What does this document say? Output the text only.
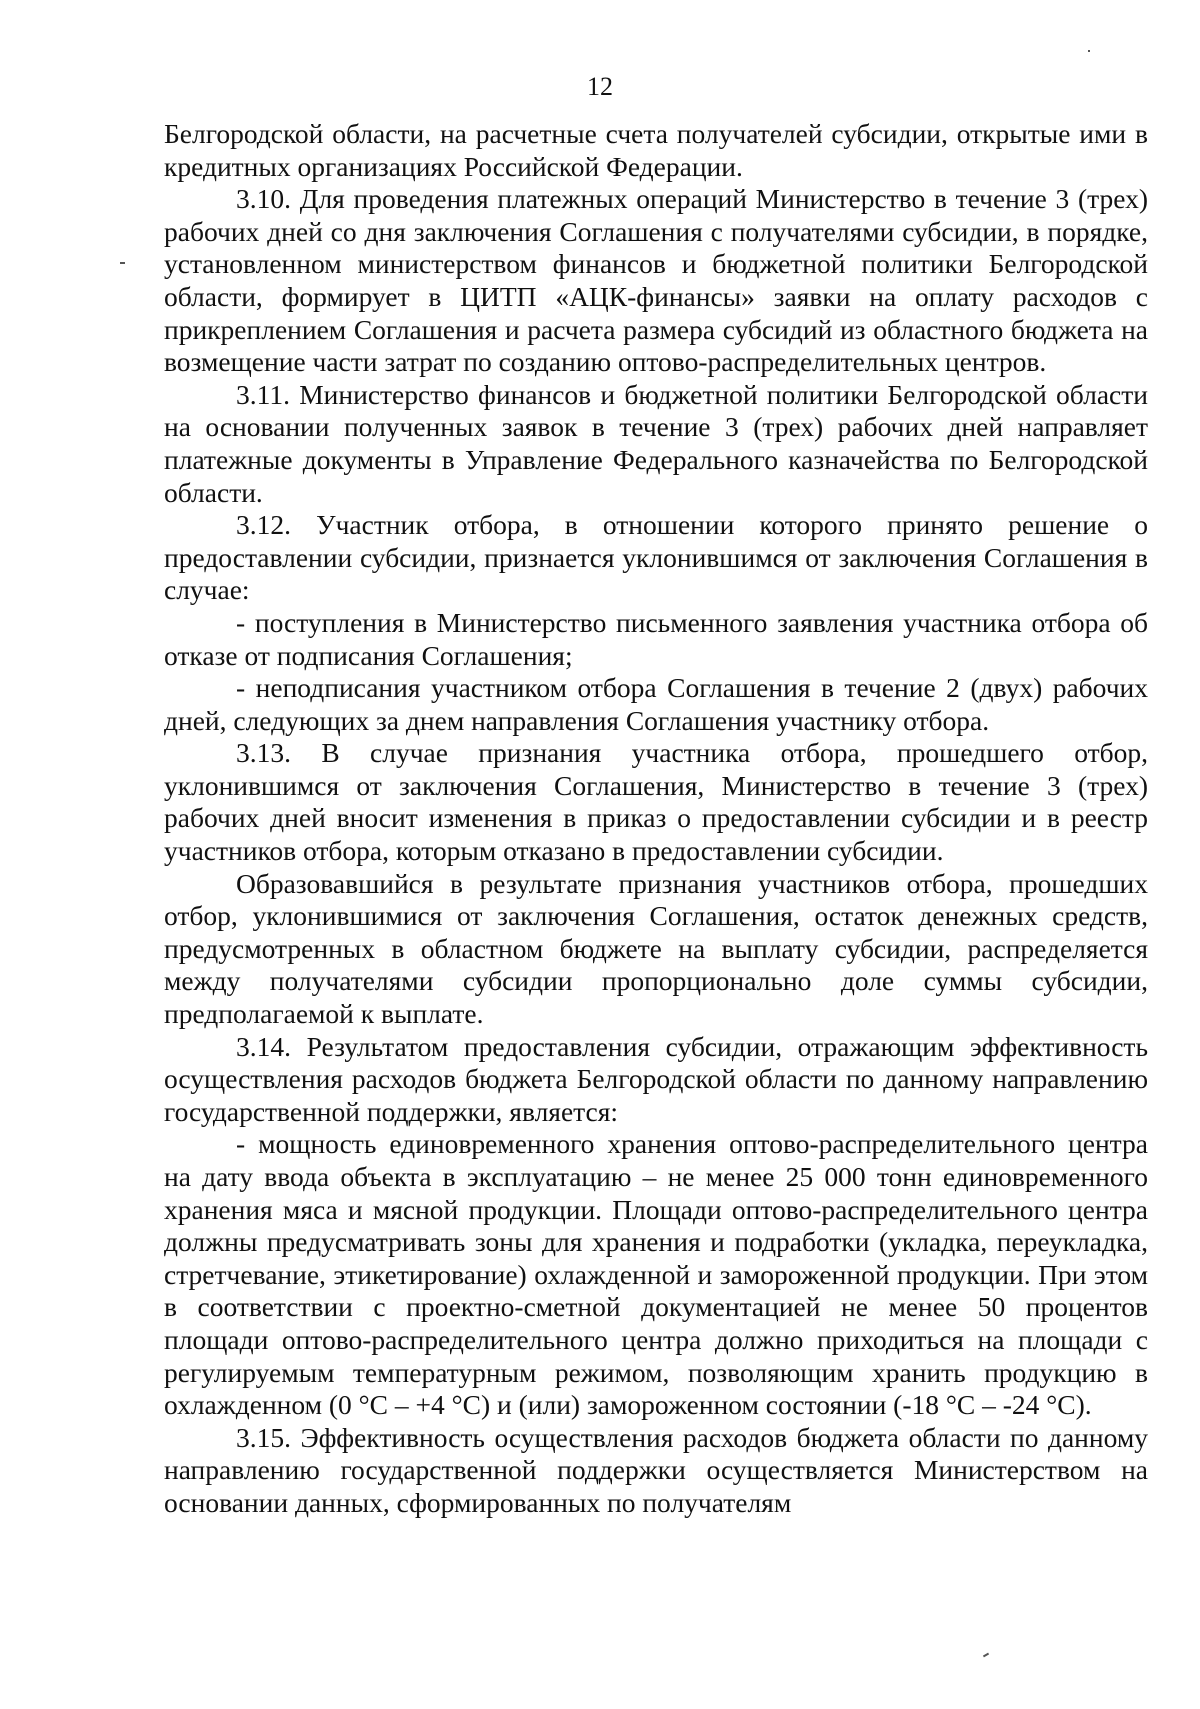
12

Белгородской области, на расчетные счета получателей субсидии, открытые ими в кредитных организациях Российской Федерации.

3.10. Для проведения платежных операций Министерство в течение 3 (трех) рабочих дней со дня заключения Соглашения с получателями субсидии, в порядке, установленном министерством финансов и бюджетной политики Белгородской области, формирует в ЦИТП «АЦК-финансы» заявки на оплату расходов с прикреплением Соглашения и расчета размера субсидий из областного бюджета на возмещение части затрат по созданию оптово-распределительных центров.

3.11. Министерство финансов и бюджетной политики Белгородской области на основании полученных заявок в течение 3 (трех) рабочих дней направляет платежные документы в Управление Федерального казначейства по Белгородской области.

3.12. Участник отбора, в отношении которого принято решение о предоставлении субсидии, признается уклонившимся от заключения Соглашения в случае:

- поступления в Министерство письменного заявления участника отбора об отказе от подписания Соглашения;

- неподписания участником отбора Соглашения в течение 2 (двух) рабочих дней, следующих за днем направления Соглашения участнику отбора.

3.13. В случае признания участника отбора, прошедшего отбор, уклонившимся от заключения Соглашения, Министерство в течение 3 (трех) рабочих дней вносит изменения в приказ о предоставлении субсидии и в реестр участников отбора, которым отказано в предоставлении субсидии.

Образовавшийся в результате признания участников отбора, прошедших отбор, уклонившимися от заключения Соглашения, остаток денежных средств, предусмотренных в областном бюджете на выплату субсидии, распределяется между получателями субсидии пропорционально доле суммы субсидии, предполагаемой к выплате.

3.14. Результатом предоставления субсидии, отражающим эффективность осуществления расходов бюджета Белгородской области по данному направлению государственной поддержки, является:

- мощность единовременного хранения оптово-распределительного центра на дату ввода объекта в эксплуатацию – не менее 25 000 тонн единовременного хранения мяса и мясной продукции. Площади оптово-распределительного центра должны предусматривать зоны для хранения и подработки (укладка, переукладка, стретчевание, этикетирование) охлажденной и замороженной продукции. При этом в соответствии с проектно-сметной документацией не менее 50 процентов площади оптово-распределительного центра должно приходиться на площади с регулируемым температурным режимом, позволяющим хранить продукцию в охлажденном (0 °С – +4 °С) и (или) замороженном состоянии (-18 °С – -24 °С).

3.15. Эффективность осуществления расходов бюджета области по данному направлению государственной поддержки осуществляется Министерством на основании данных, сформированных по получателям
